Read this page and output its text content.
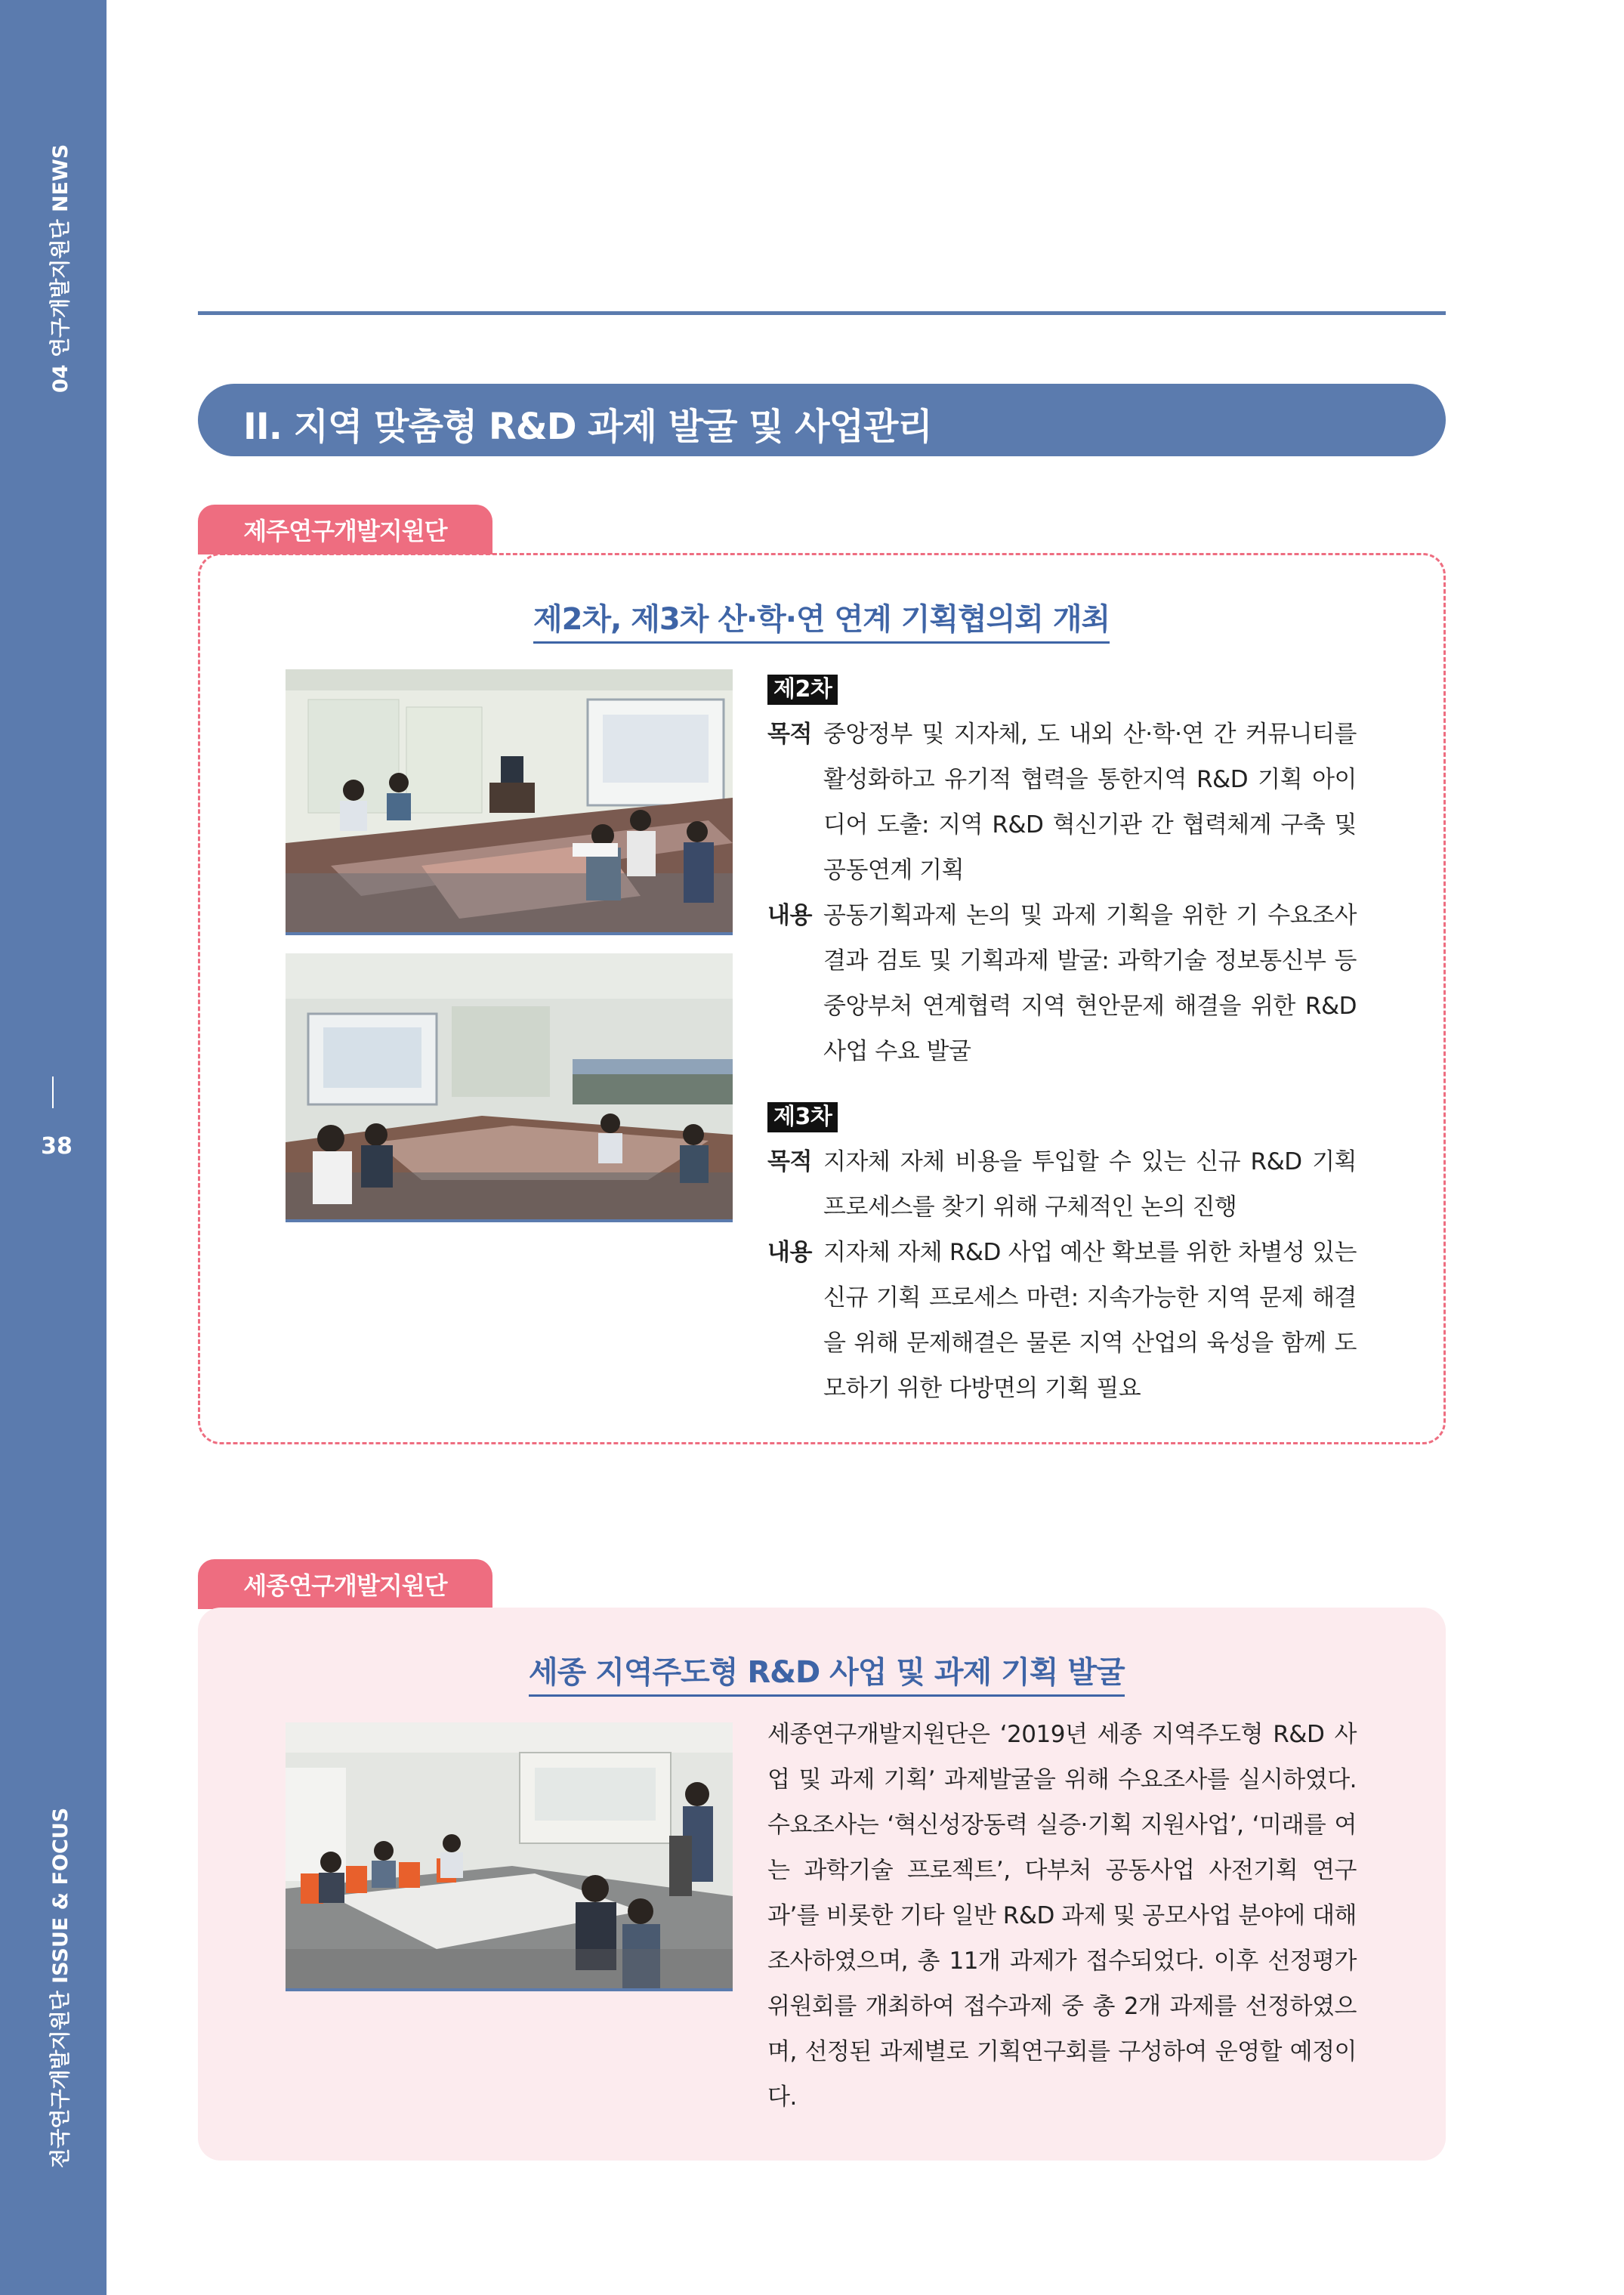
04 연구개발지원단 NEWS
38
전국연구개발지원단 ISSUE & FOCUS
II. 지역 맞춤형 R&D 과제 발굴 및 사업관리
제주연구개발지원단
제2차, 제3차 산·학·연 연계 기획협의회 개최
제2차
목적 중앙정부 및 지자체, 도 내외 산·학·연 간 커뮤니티를 활성화하고 유기적 협력을 통한지역 R&D 기획 아이디어 도출: 지역 R&D 혁신기관 간 협력체계 구축 및 공동연계 기획
내용 공동기획과제 논의 및 과제 기획을 위한 기 수요조사 결과 검토 및 기획과제 발굴: 과학기술 정보통신부 등 중앙부처 연계협력 지역 현안문제 해결을 위한 R&D 사업 수요 발굴
제3차
목적 지자체 자체 비용을 투입할 수 있는 신규 R&D 기획 프로세스를 찾기 위해 구체적인 논의 진행
내용 지자체 자체 R&D 사업 예산 확보를 위한 차별성 있는 신규 기획 프로세스 마련: 지속가능한 지역 문제 해결을 위해 문제해결은 물론 지역 산업의 육성을 함께 도모하기 위한 다방면의 기획 필요
세종연구개발지원단
세종 지역주도형 R&D 사업 및 과제 기획 발굴
세종연구개발지원단은 ‘2019년 세종 지역주도형 R&D 사업 및 과제 기획’ 과제발굴을 위해 수요조사를 실시하였다. 수요조사는 ‘혁신성장동력 실증·기획 지원사업’, ‘미래를 여는 과학기술 프로젝트’, 다부처 공동사업 사전기획 연구과’를 비롯한 기타 일반 R&D 과제 및 공모사업 분야에 대해 조사하였으며, 총 11개 과제가 접수되었다. 이후 선정평가위원회를 개최하여 접수과제 중 총 2개 과제를 선정하였으며, 선정된 과제별로 기획연구회를 구성하여 운영할 예정이다.
